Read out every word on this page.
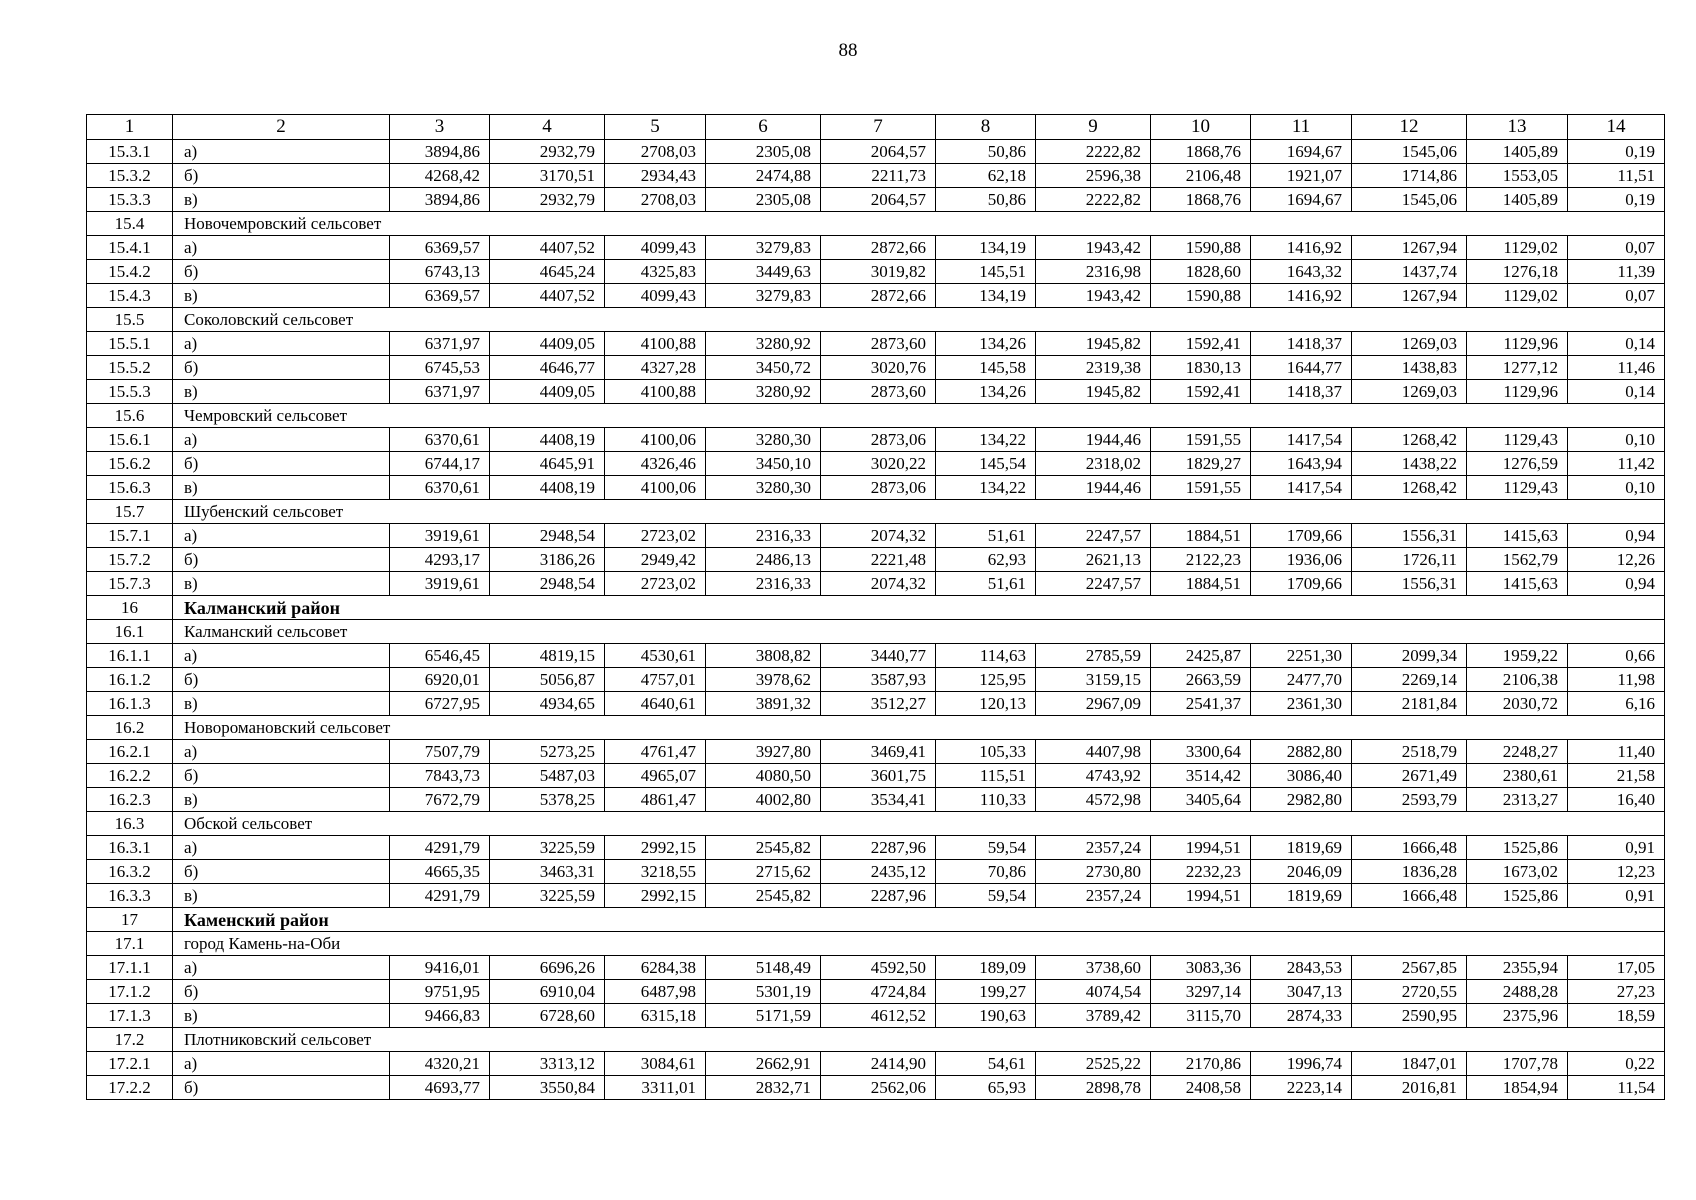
88
1	2	3	4	5	6	7	8	9	10	11	12	13	14
15.3.1	а)	3894,86	2932,79	2708,03	2305,08	2064,57	50,86	2222,82	1868,76	1694,67	1545,06	1405,89	0,19
15.3.2	б)	4268,42	3170,51	2934,43	2474,88	2211,73	62,18	2596,38	2106,48	1921,07	1714,86	1553,05	11,51
15.3.3	в)	3894,86	2932,79	2708,03	2305,08	2064,57	50,86	2222,82	1868,76	1694,67	1545,06	1405,89	0,19
15.4	Новочемровский сельсовет												
15.4.1	а)	6369,57	4407,52	4099,43	3279,83	2872,66	134,19	1943,42	1590,88	1416,92	1267,94	1129,02	0,07
15.4.2	б)	6743,13	4645,24	4325,83	3449,63	3019,82	145,51	2316,98	1828,60	1643,32	1437,74	1276,18	11,39
15.4.3	в)	6369,57	4407,52	4099,43	3279,83	2872,66	134,19	1943,42	1590,88	1416,92	1267,94	1129,02	0,07
15.5	Соколовский сельсовет												
15.5.1	а)	6371,97	4409,05	4100,88	3280,92	2873,60	134,26	1945,82	1592,41	1418,37	1269,03	1129,96	0,14
15.5.2	б)	6745,53	4646,77	4327,28	3450,72	3020,76	145,58	2319,38	1830,13	1644,77	1438,83	1277,12	11,46
15.5.3	в)	6371,97	4409,05	4100,88	3280,92	2873,60	134,26	1945,82	1592,41	1418,37	1269,03	1129,96	0,14
15.6	Чемровский сельсовет												
15.6.1	а)	6370,61	4408,19	4100,06	3280,30	2873,06	134,22	1944,46	1591,55	1417,54	1268,42	1129,43	0,10
15.6.2	б)	6744,17	4645,91	4326,46	3450,10	3020,22	145,54	2318,02	1829,27	1643,94	1438,22	1276,59	11,42
15.6.3	в)	6370,61	4408,19	4100,06	3280,30	2873,06	134,22	1944,46	1591,55	1417,54	1268,42	1129,43	0,10
15.7	Шубенский сельсовет												
15.7.1	а)	3919,61	2948,54	2723,02	2316,33	2074,32	51,61	2247,57	1884,51	1709,66	1556,31	1415,63	0,94
15.7.2	б)	4293,17	3186,26	2949,42	2486,13	2221,48	62,93	2621,13	2122,23	1936,06	1726,11	1562,79	12,26
15.7.3	в)	3919,61	2948,54	2723,02	2316,33	2074,32	51,61	2247,57	1884,51	1709,66	1556,31	1415,63	0,94
16	Калманский район												
16.1	Калманский сельсовет												
16.1.1	а)	6546,45	4819,15	4530,61	3808,82	3440,77	114,63	2785,59	2425,87	2251,30	2099,34	1959,22	0,66
16.1.2	б)	6920,01	5056,87	4757,01	3978,62	3587,93	125,95	3159,15	2663,59	2477,70	2269,14	2106,38	11,98
16.1.3	в)	6727,95	4934,65	4640,61	3891,32	3512,27	120,13	2967,09	2541,37	2361,30	2181,84	2030,72	6,16
16.2	Новоромановский сельсовет												
16.2.1	а)	7507,79	5273,25	4761,47	3927,80	3469,41	105,33	4407,98	3300,64	2882,80	2518,79	2248,27	11,40
16.2.2	б)	7843,73	5487,03	4965,07	4080,50	3601,75	115,51	4743,92	3514,42	3086,40	2671,49	2380,61	21,58
16.2.3	в)	7672,79	5378,25	4861,47	4002,80	3534,41	110,33	4572,98	3405,64	2982,80	2593,79	2313,27	16,40
16.3	Обской сельсовет												
16.3.1	а)	4291,79	3225,59	2992,15	2545,82	2287,96	59,54	2357,24	1994,51	1819,69	1666,48	1525,86	0,91
16.3.2	б)	4665,35	3463,31	3218,55	2715,62	2435,12	70,86	2730,80	2232,23	2046,09	1836,28	1673,02	12,23
16.3.3	в)	4291,79	3225,59	2992,15	2545,82	2287,96	59,54	2357,24	1994,51	1819,69	1666,48	1525,86	0,91
17	Каменский район												
17.1	город Камень-на-Оби												
17.1.1	а)	9416,01	6696,26	6284,38	5148,49	4592,50	189,09	3738,60	3083,36	2843,53	2567,85	2355,94	17,05
17.1.2	б)	9751,95	6910,04	6487,98	5301,19	4724,84	199,27	4074,54	3297,14	3047,13	2720,55	2488,28	27,23
17.1.3	в)	9466,83	6728,60	6315,18	5171,59	4612,52	190,63	3789,42	3115,70	2874,33	2590,95	2375,96	18,59
17.2	Плотниковский сельсовет												
17.2.1	а)	4320,21	3313,12	3084,61	2662,91	2414,90	54,61	2525,22	2170,86	1996,74	1847,01	1707,78	0,22
17.2.2	б)	4693,77	3550,84	3311,01	2832,71	2562,06	65,93	2898,78	2408,58	2223,14	2016,81	1854,94	11,54
